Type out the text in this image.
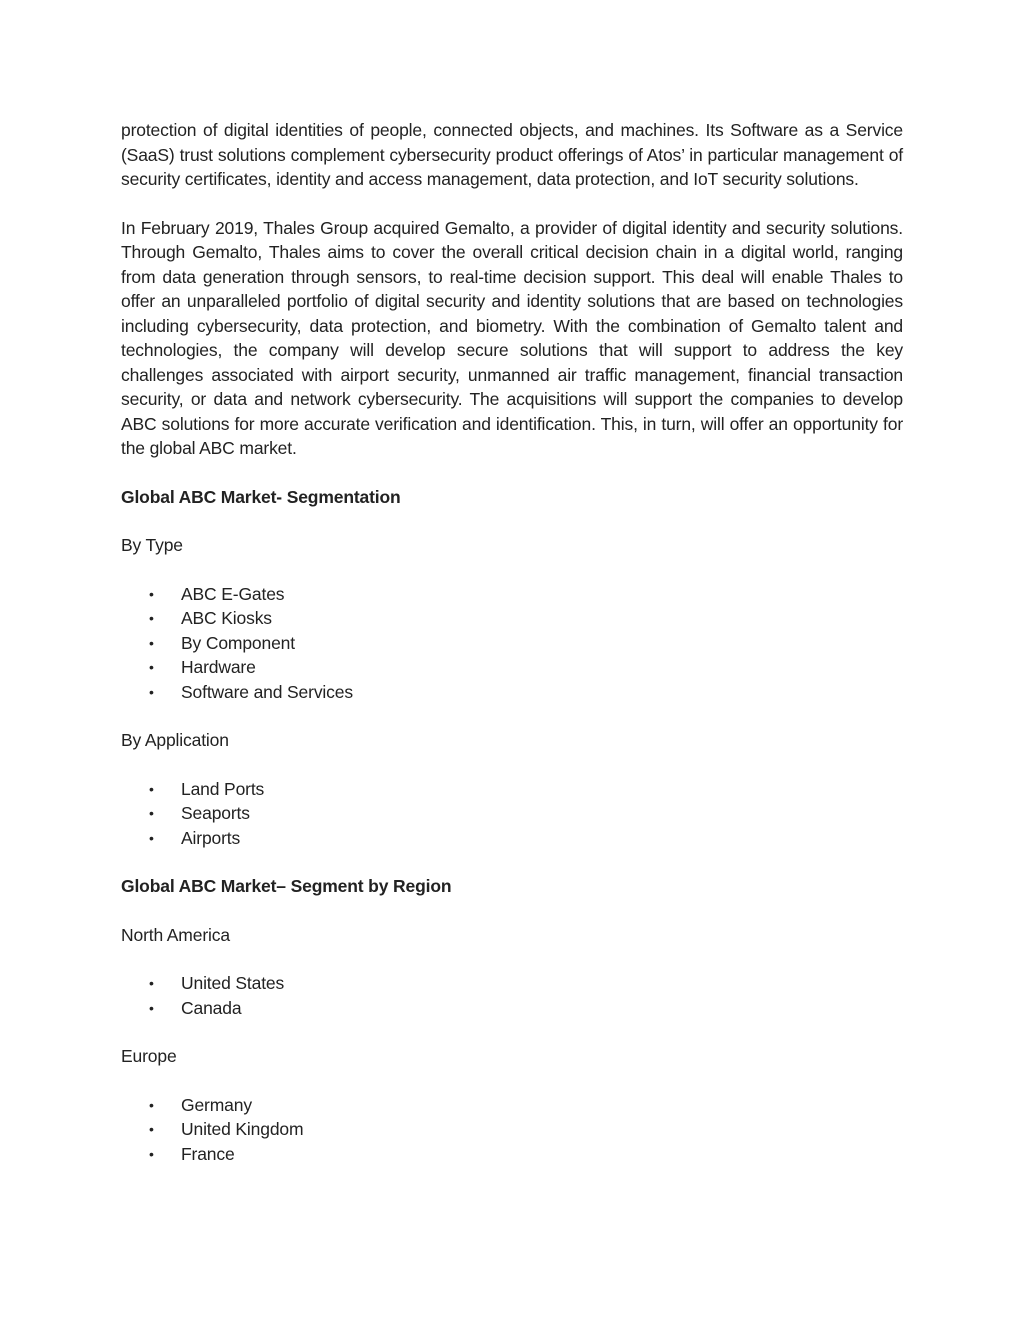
protection of digital identities of people, connected objects, and machines. Its Software as a Service (SaaS) trust solutions complement cybersecurity product offerings of Atos’ in particular management of security certificates, identity and access management, data protection, and IoT security solutions.

In February 2019, Thales Group acquired Gemalto, a provider of digital identity and security solutions. Through Gemalto, Thales aims to cover the overall critical decision chain in a digital world, ranging from data generation through sensors, to real-time decision support. This deal will enable Thales to offer an unparalleled portfolio of digital security and identity solutions that are based on technologies including cybersecurity, data protection, and biometry. With the combination of Gemalto talent and technologies, the company will develop secure solutions that will support to address the key challenges associated with airport security, unmanned air traffic management, financial transaction security, or data and network cybersecurity. The acquisitions will support the companies to develop ABC solutions for more accurate verification and identification. This, in turn, will offer an opportunity for the global ABC market.

Global ABC Market- Segmentation

By Type

• ABC E-Gates
• ABC Kiosks
• By Component
• Hardware
• Software and Services

By Application

• Land Ports
• Seaports
• Airports

Global ABC Market– Segment by Region

North America

• United States
• Canada

Europe

• Germany
• United Kingdom
• France
